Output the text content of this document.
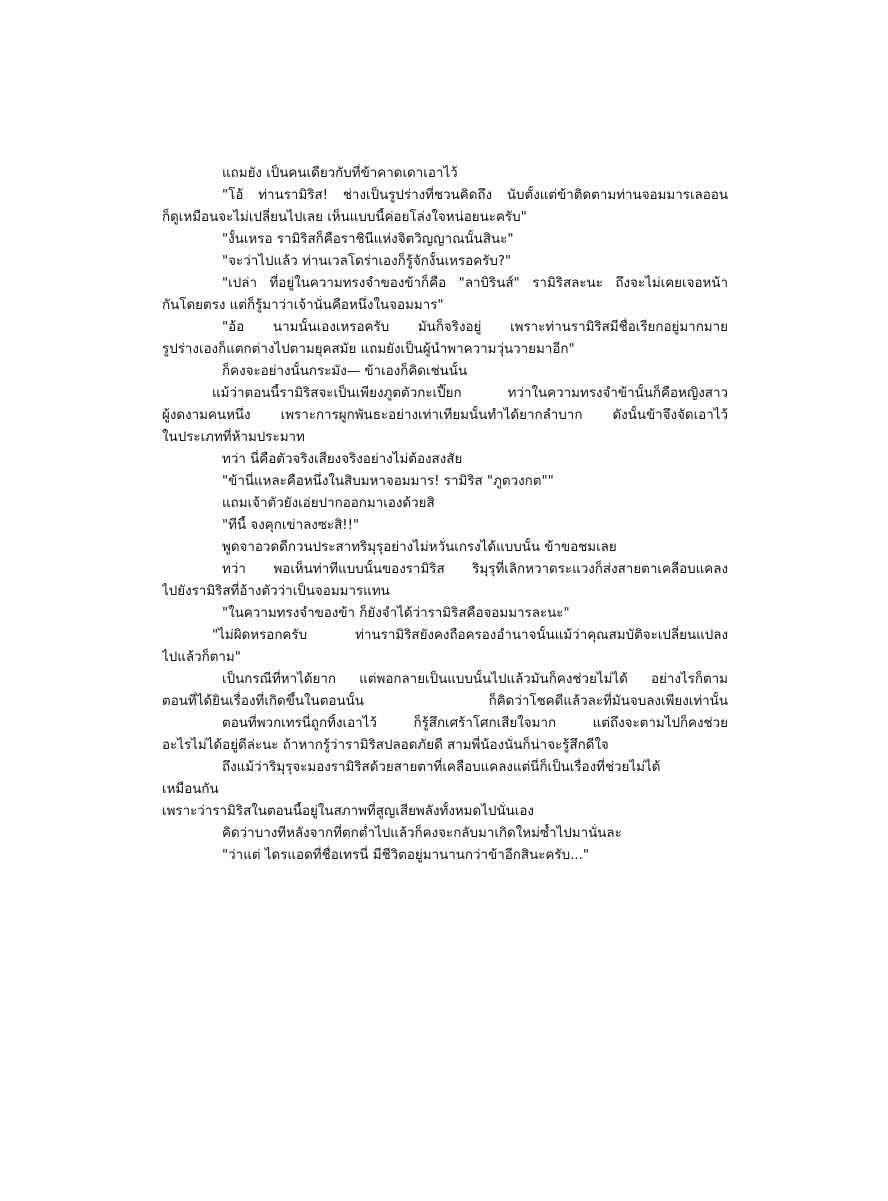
แถมยัง เป็นคนเดียวกับที่ข้าคาดเดาเอาไว้
"โอ้ ท่านรามิริส! ช่างเป็นรูปร่างที่ชวนคิดถึง นับตั้งแต่ข้าติดตามท่านจอมมารเลออน
ก็ดูเหมือนจะไม่เปลี่ยนไปเลย เห็นแบบนี้ค่อยโล่งใจหน่อยนะครับ"
"งั้นเหรอ รามิริสก็คือราชินีแห่งจิตวิญญาณนั้นสินะ"
"จะว่าไปแล้ว ท่านเวลโดร่าเองก็รู้จักงั้นเหรอครับ?"
"เปล่า ที่อยู่ในความทรงจำของข้าก็คือ "ลาบิรินส์" รามิริสละนะ ถึงจะไม่เคยเจอหน้า
กันโดยตรง แต่ก็รู้มาว่าเจ้านั่นคือหนึ่งในจอมมาร"
"อ้อ นามนั้นเองเหรอครับ มันก็จริงอยู่ เพราะท่านรามิริสมีชื่อเรียกอยู่มากมาย
รูปร่างเองก็แตกต่างไปตามยุคสมัย แถมยังเป็นผู้นำพาความวุ่นวายมาอีก"
ก็คงจะอย่างนั้นกระมัง— ข้าเองก็คิดเช่นนั้น
แม้ว่าตอนนี้รามิริสจะเป็นเพียงภูตตัวกะเปี๊ยก ทว่าในความทรงจำข้านั้นก็คือหญิงสาว
ผู้งดงามคนหนึ่ง เพราะการผูกพันธะอย่างเท่าเทียมนั้นทำได้ยากลำบาก ดังนั้นข้าจึงจัดเอาไว้
ในประเภทที่ห้ามประมาท
ทว่า นี่คือตัวจริงเสียงจริงอย่างไม่ต้องสงสัย
"ข้านี่แหละคือหนึ่งในสิบมหาจอมมาร! รามิริส "ภูตวงกต""
แถมเจ้าตัวยังเอ่ยปากออกมาเองด้วยสิ
"ทีนี้ จงคุกเข่าลงซะสิ!!"
พูดจาอวดดีกวนประสาทริมุรุอย่างไม่หวั่นเกรงได้แบบนั้น ข้าขอชมเลย
ทว่า พอเห็นท่าทีแบบนั้นของรามิริส ริมุรุที่เลิกหวาดระแวงก็ส่งสายตาเคลือบแคลง
ไปยังรามิริสที่อ้างตัวว่าเป็นจอมมารแทน
"ในความทรงจำของข้า ก็ยังจำได้ว่ารามิริสคือจอมมารละนะ"
"ไม่ผิดหรอกครับ ท่านรามิริสยังคงถือครองอำนาจนั้นแม้ว่าคุณสมบัติจะเปลี่ยนแปลง
ไปแล้วก็ตาม"
เป็นกรณีที่หาได้ยาก แต่พอกลายเป็นแบบนั้นไปแล้วมันก็คงช่วยไม่ได้ อย่างไรก็ตาม
ตอนที่ได้ยินเรื่องที่เกิดขึ้นในตอนนั้น ก็คิดว่าโชคดีแล้วละที่มันจบลงเพียงเท่านั้น
ตอนที่พวกเทรนี่ถูกทิ้งเอาไว้ ก็รู้สึกเศร้าโศกเสียใจมาก แต่ถึงจะตามไปก็คงช่วย
อะไรไม่ได้อยู่ดีล่ะนะ ถ้าหากรู้ว่ารามิริสปลอดภัยดี สามพี่น้องนั่นก็น่าจะรู้สึกดีใจ
ถึงแม้ว่าริมุรุจะมองรามิริสด้วยสายตาที่เคลือบแคลงแต่นี่ก็เป็นเรื่องที่ช่วยไม่ได้
เหมือนกัน
เพราะว่ารามิริสในตอนนี้อยู่ในสภาพที่สูญเสียพลังทั้งหมดไปนั่นเอง
คิดว่าบางทีหลังจากที่ตกต่ำไปแล้วก็คงจะกลับมาเกิดใหม่ซ้ำไปมานั่นละ
"ว่าแต่ ไดรแอดที่ชื่อเทรนี่ มีชีวิตอยู่มานานกว่าข้าอีกสินะครับ..."
